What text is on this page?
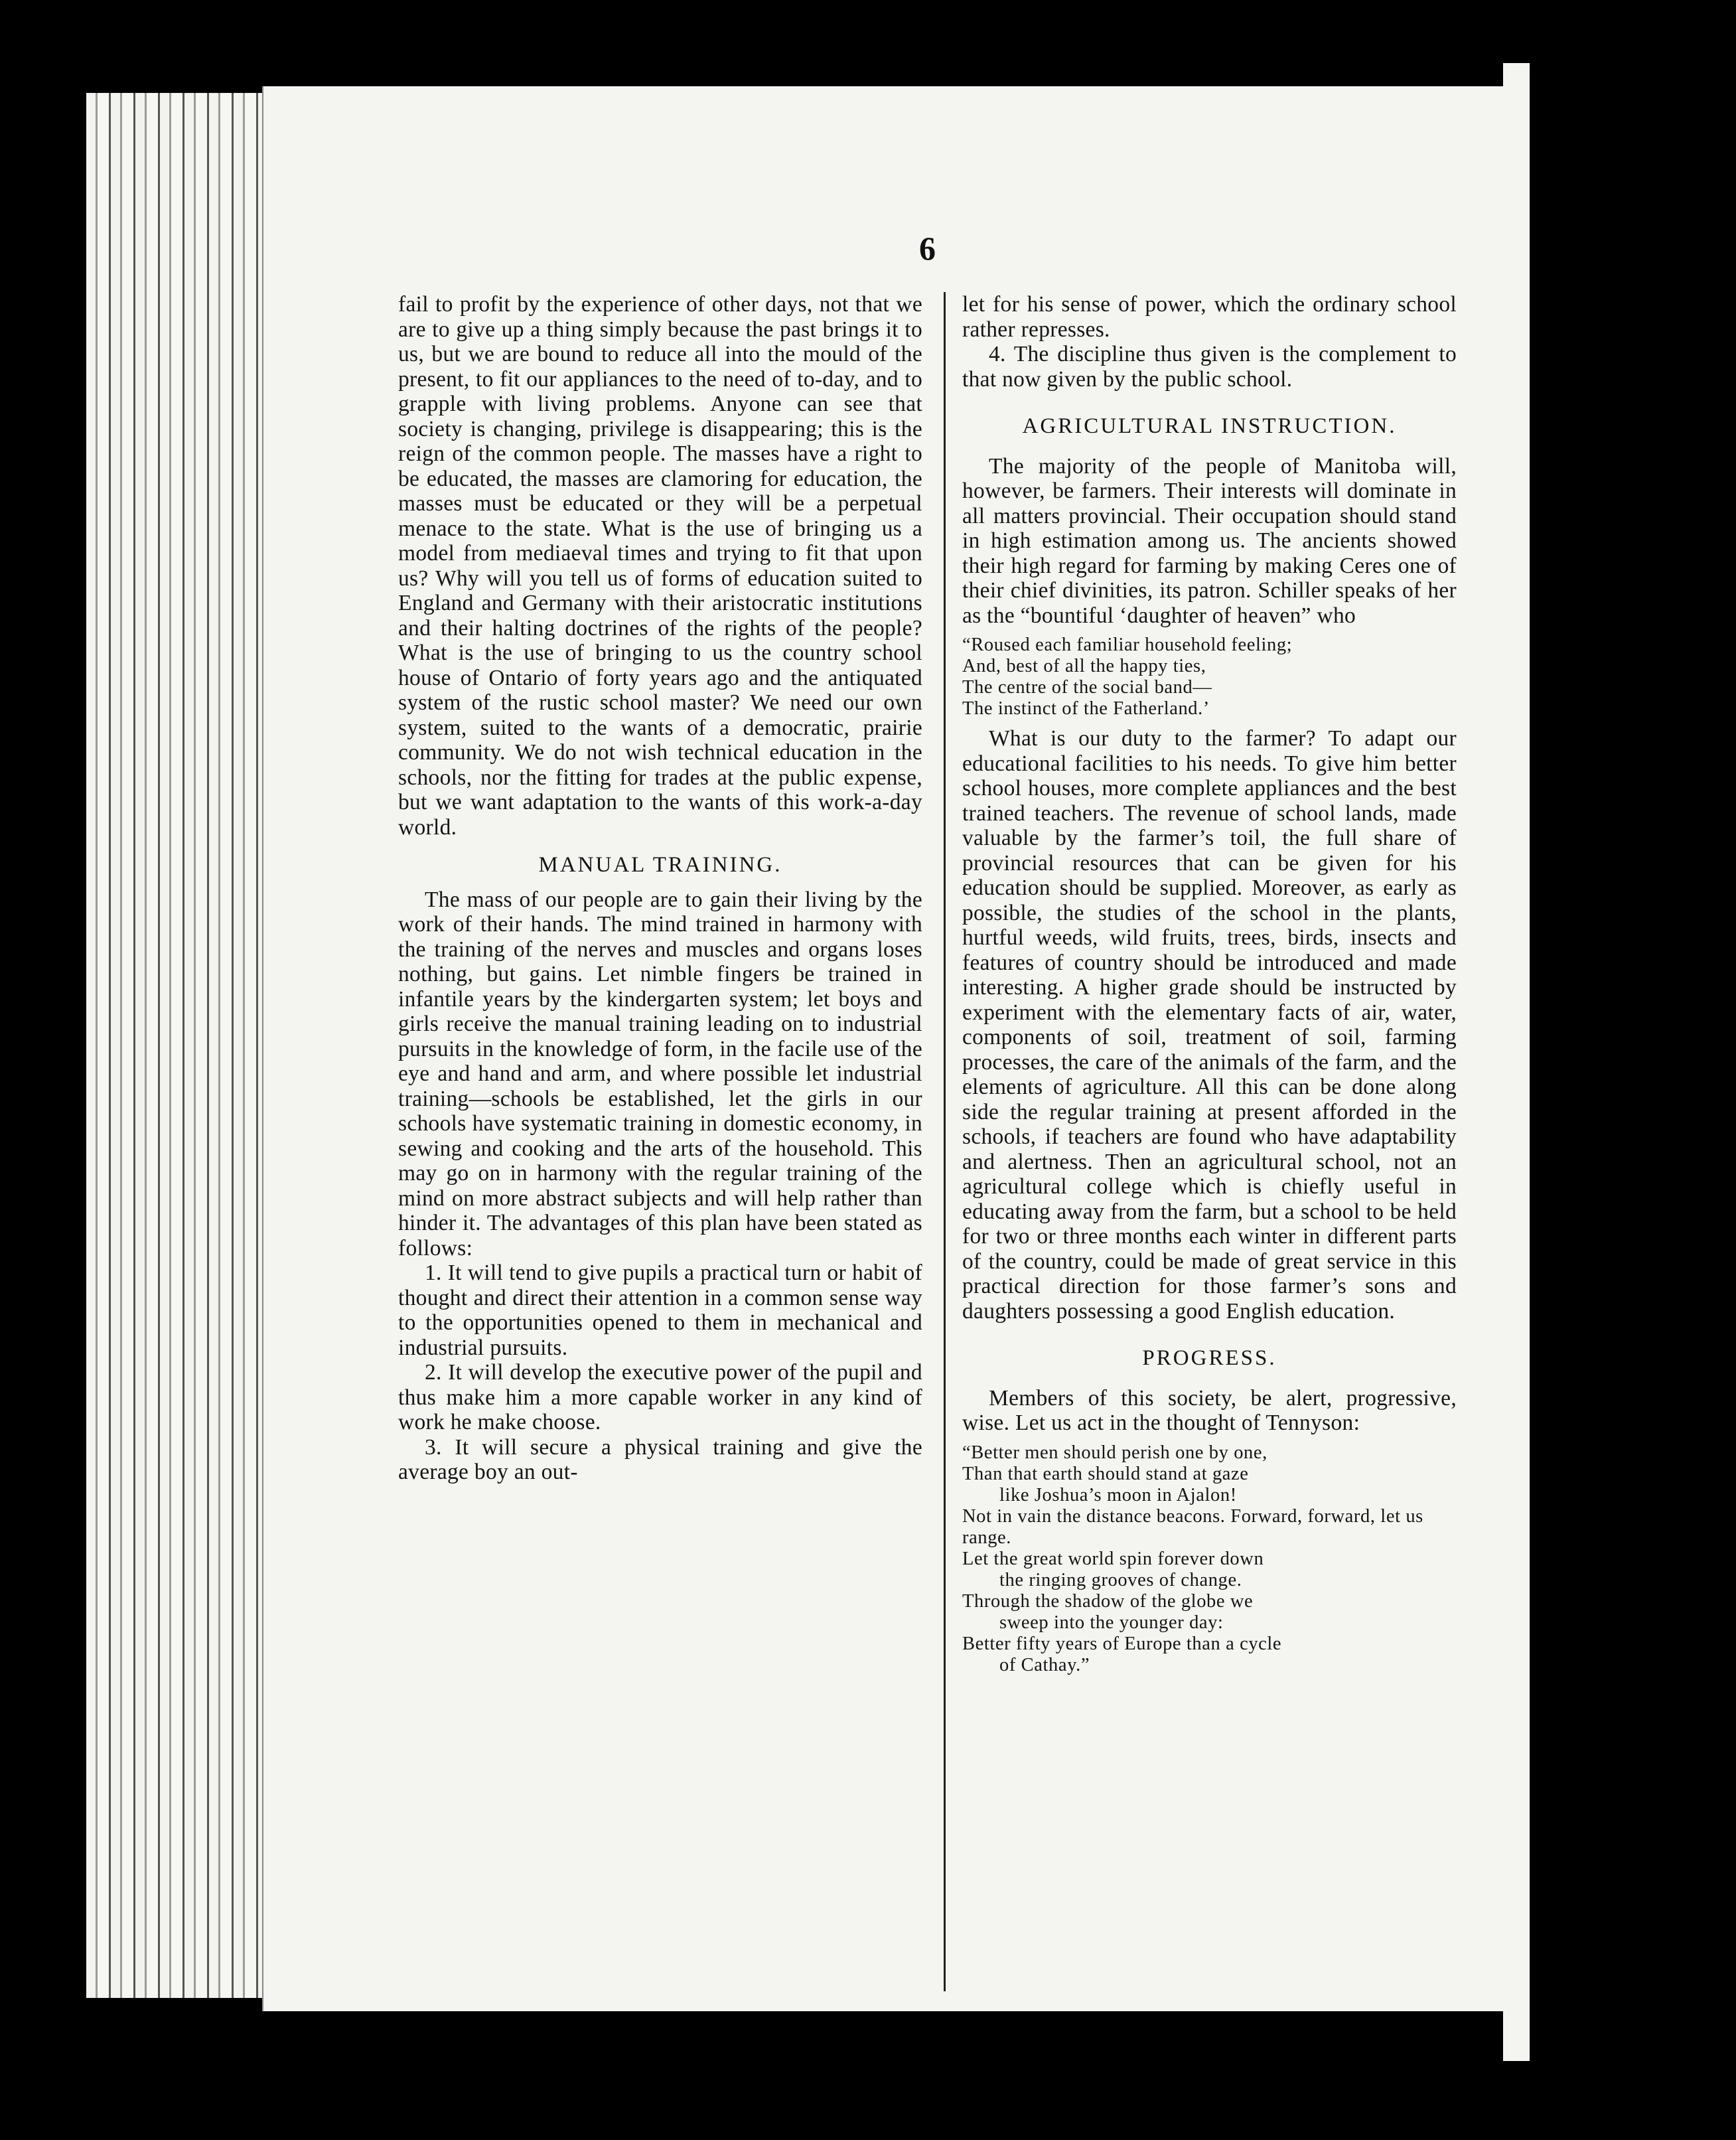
6

fail to profit by the experience of other days, not that we are to give up a thing simply because the past brings it to us, but we are bound to reduce all into the mould of the present, to fit our appliances to the need of to-day, and to grapple with living problems. Anyone can see that society is changing, privilege is disappearing; this is the reign of the common people. The masses have a right to be educated, the masses are clamoring for education, the masses must be educated or they will be a perpetual menace to the state. What is the use of bringing us a model from mediaeval times and trying to fit that upon us? Why will you tell us of forms of education suited to England and Germany with their aristocratic institutions and their halting doctrines of the rights of the people? What is the use of bringing to us the country school house of Ontario of forty years ago and the antiquated system of the rustic school master? We need our own system, suited to the wants of a democratic, prairie community. We do not wish technical education in the schools, nor the fitting for trades at the public expense, but we want adaptation to the wants of this work-a-day world.

MANUAL TRAINING.

The mass of our people are to gain their living by the work of their hands. The mind trained in harmony with the training of the nerves and muscles and organs loses nothing, but gains. Let nimble fingers be trained in infantile years by the kindergarten system; let boys and girls receive the manual training leading on to industrial pursuits in the knowledge of form, in the facile use of the eye and hand and arm, and where possible let industrial training—schools be established, let the girls in our schools have systematic training in domestic economy, in sewing and cooking and the arts of the household. This may go on in harmony with the regular training of the mind on more abstract subjects and will help rather than hinder it. The advantages of this plan have been stated as follows:

1. It will tend to give pupils a practical turn or habit of thought and direct their attention in a common sense way to the opportunities opened to them in mechanical and industrial pursuits.

2. It will develop the executive power of the pupil and thus make him a more capable worker in any kind of work he make choose.

3. It will secure a physical training and give the average boy an out-

let for his sense of power, which the ordinary school rather represses.

4. The discipline thus given is the complement to that now given by the public school.

AGRICULTURAL INSTRUCTION.

The majority of the people of Manitoba will, however, be farmers. Their interests will dominate in all matters provincial. Their occupation should stand in high estimation among us. The ancients showed their high regard for farming by making Ceres one of their chief divinities, its patron. Schiller speaks of her as the “bountiful ‘daughter of heaven” who

“Roused each familiar household feeling;
And, best of all the happy ties,
The centre of the social band—
The instinct of the Fatherland.’

What is our duty to the farmer? To adapt our educational facilities to his needs. To give him better school houses, more complete appliances and the best trained teachers. The revenue of school lands, made valuable by the farmer’s toil, the full share of provincial resources that can be given for his education should be supplied. Moreover, as early as possible, the studies of the school in the plants, hurtful weeds, wild fruits, trees, birds, insects and features of country should be introduced and made interesting. A higher grade should be instructed by experiment with the elementary facts of air, water, components of soil, treatment of soil, farming processes, the care of the animals of the farm, and the elements of agriculture. All this can be done along side the regular training at present afforded in the schools, if teachers are found who have adaptability and alertness. Then an agricultural school, not an agricultural college which is chiefly useful in educating away from the farm, but a school to be held for two or three months each winter in different parts of the country, could be made of great service in this practical direction for those farmer’s sons and daughters possessing a good English education.

PROGRESS.

Members of this society, be alert, progressive, wise. Let us act in the thought of Tennyson:

“Better men should perish one by one,
Than that earth should stand at gaze
like Joshua’s moon in Ajalon!
Not in vain the distance beacons. Forward, forward, let us range.
Let the great world spin forever down
the ringing grooves of change.
Through the shadow of the globe we
sweep into the younger day:
Better fifty years of Europe than a cycle
of Cathay.”
